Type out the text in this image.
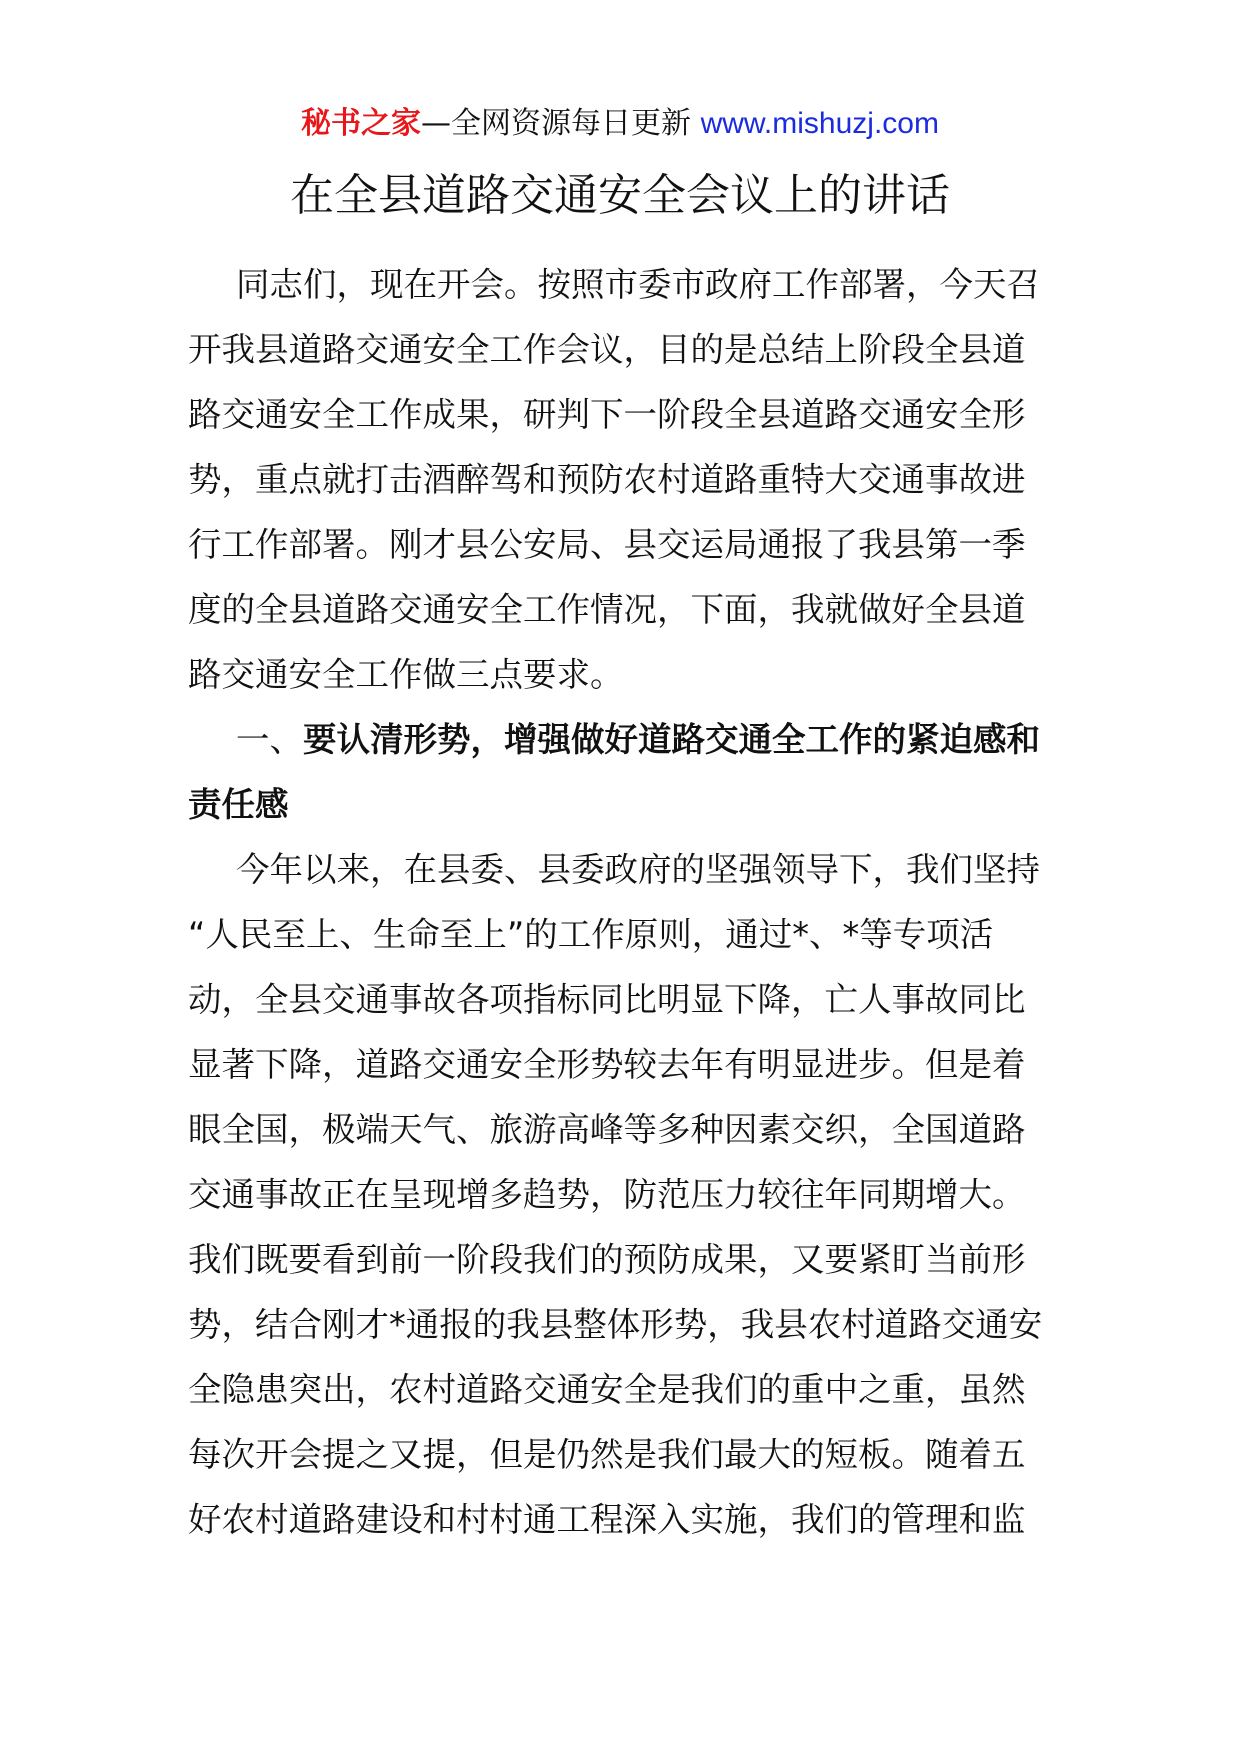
秘书之家—全网资源每日更新 www.mishuzj.com
在全县道路交通安全会议上的讲话

同志们，现在开会。按照市委市政府工作部署，今天召
开我县道路交通安全工作会议，目的是总结上阶段全县道
路交通安全工作成果，研判下一阶段全县道路交通安全形
势，重点就打击酒醉驾和预防农村道路重特大交通事故进
行工作部署。刚才县公安局、县交运局通报了我县第一季
度的全县道路交通安全工作情况，下面，我就做好全县道
路交通安全工作做三点要求。

一、要认清形势，增强做好道路交通全工作的紧迫感和
责任感

今年以来，在县委、县委政府的坚强领导下，我们坚持
“人民至上、生命至上”的工作原则，通过*、*等专项活
动，全县交通事故各项指标同比明显下降，亡人事故同比
显著下降，道路交通安全形势较去年有明显进步。但是着
眼全国，极端天气、旅游高峰等多种因素交织，全国道路
交通事故正在呈现增多趋势，防范压力较往年同期增大。
我们既要看到前一阶段我们的预防成果，又要紧盯当前形
势，结合刚才*通报的我县整体形势，我县农村道路交通安
全隐患突出，农村道路交通安全是我们的重中之重，虽然
每次开会提之又提，但是仍然是我们最大的短板。随着五
好农村道路建设和村村通工程深入实施，我们的管理和监
